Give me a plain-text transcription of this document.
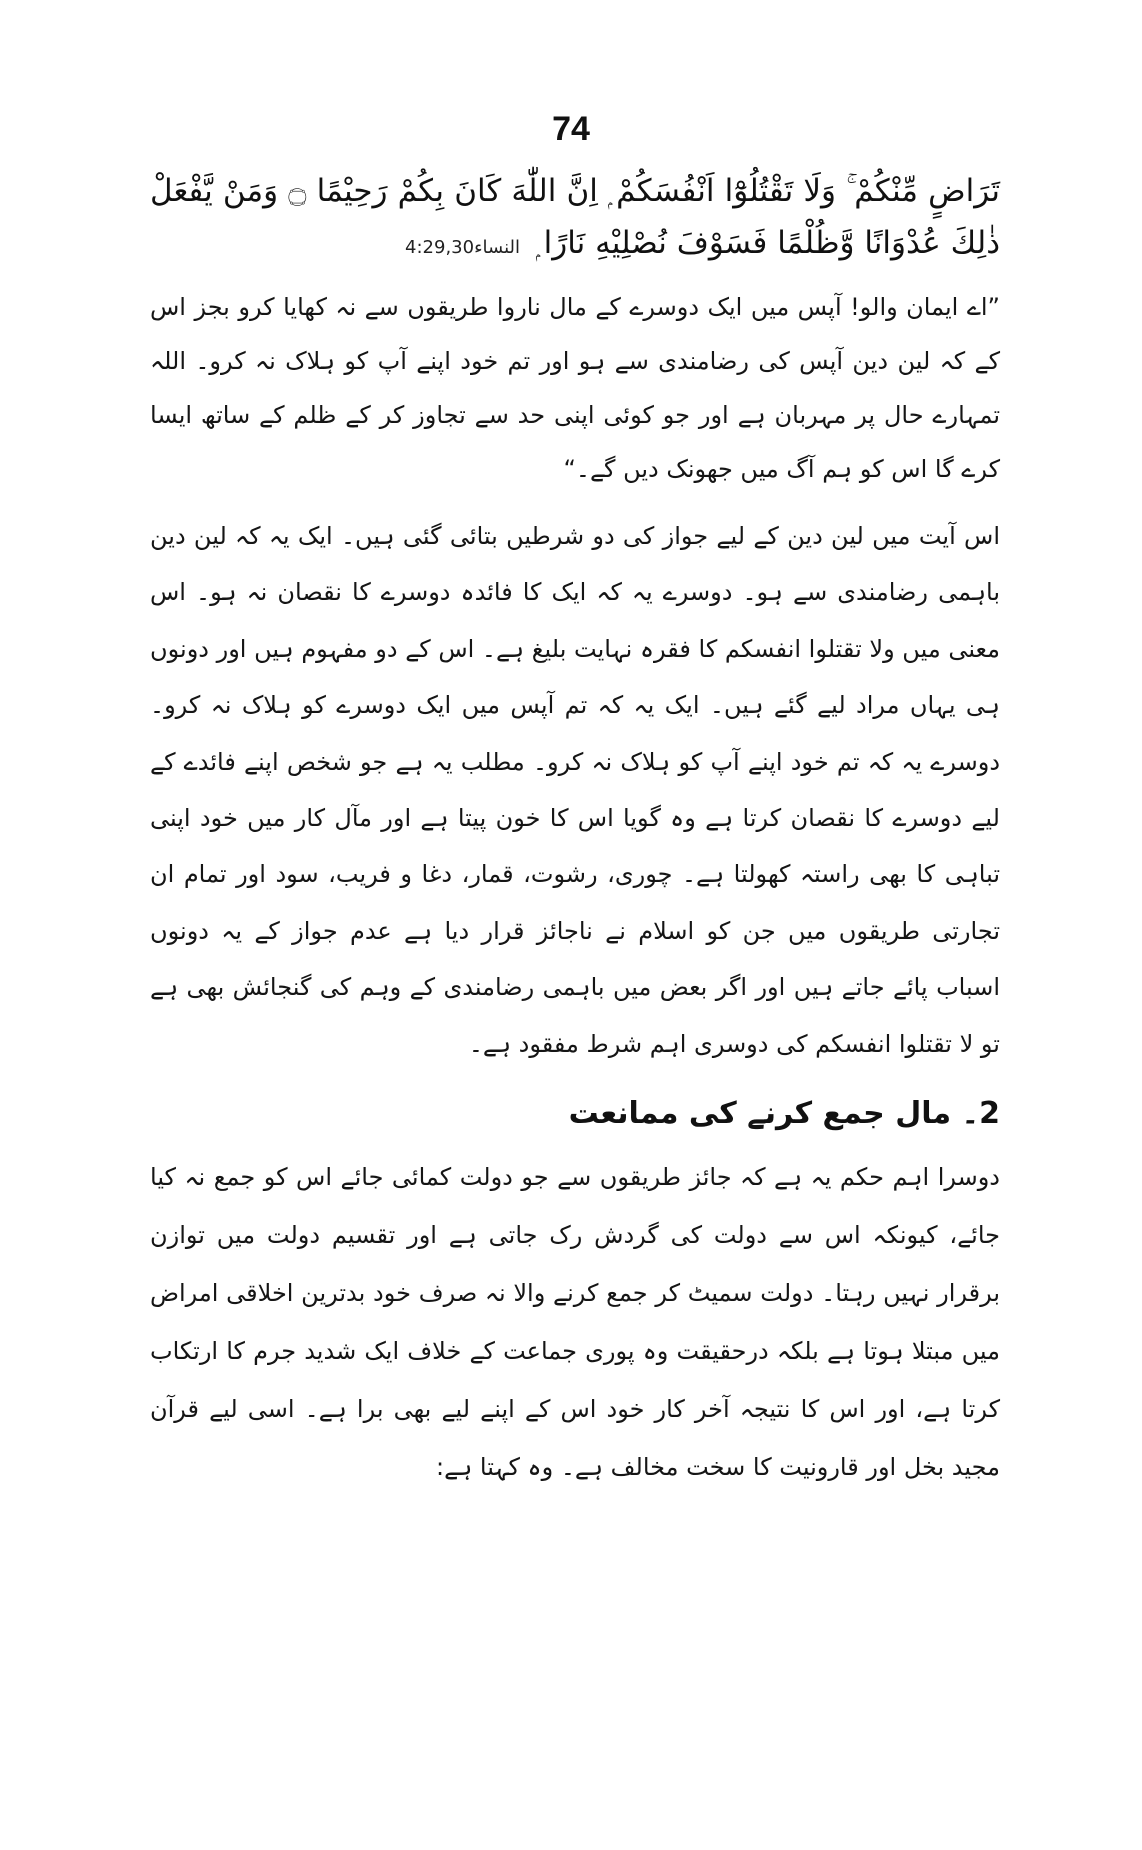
74

تَرَاضٍ مِّنْكُمْ ۚ وَلَا تَقْتُلُوْٓا اَنْفُسَكُمْ ۭ اِنَّ اللّٰهَ كَانَ بِكُمْ رَحِيْمًا ۝ وَمَنْ يَّفْعَلْ ذٰلِكَ عُدْوَانًا وَّظُلْمًا فَسَوْفَ نُصْلِيْهِ نَارًا ۭ النساء4:29,30

”اے ایمان والو! آپس میں ایک دوسرے کے مال ناروا طریقوں سے نہ کھایا کرو بجز اس کے کہ لین دین آپس کی رضامندی سے ہو اور تم خود اپنے آپ کو ہلاک نہ کرو۔ اللہ تمہارے حال پر مہربان ہے اور جو کوئی اپنی حد سے تجاوز کر کے ظلم کے ساتھ ایسا کرے گا اس کو ہم آگ میں جھونک دیں گے۔“

اس آیت میں لین دین کے لیے جواز کی دو شرطیں بتائی گئی ہیں۔ ایک یہ کہ لین دین باہمی رضامندی سے ہو۔ دوسرے یہ کہ ایک کا فائدہ دوسرے کا نقصان نہ ہو۔ اس معنی میں ولا تقتلوا انفسکم کا فقرہ نہایت بلیغ ہے۔ اس کے دو مفہوم ہیں اور دونوں ہی یہاں مراد لیے گئے ہیں۔ ایک یہ کہ تم آپس میں ایک دوسرے کو ہلاک نہ کرو۔ دوسرے یہ کہ تم خود اپنے آپ کو ہلاک نہ کرو۔ مطلب یہ ہے جو شخص اپنے فائدے کے لیے دوسرے کا نقصان کرتا ہے وہ گویا اس کا خون پیتا ہے اور مآل کار میں خود اپنی تباہی کا بھی راستہ کھولتا ہے۔ چوری، رشوت، قمار، دغا و فریب، سود اور تمام ان تجارتی طریقوں میں جن کو اسلام نے ناجائز قرار دیا ہے عدم جواز کے یہ دونوں اسباب پائے جاتے ہیں اور اگر بعض میں باہمی رضامندی کے وہم کی گنجائش بھی ہے تو لا تقتلوا انفسکم کی دوسری اہم شرط مفقود ہے۔

2۔ مال جمع کرنے کی ممانعت

دوسرا اہم حکم یہ ہے کہ جائز طریقوں سے جو دولت کمائی جائے اس کو جمع نہ کیا جائے، کیونکہ اس سے دولت کی گردش رک جاتی ہے اور تقسیم دولت میں توازن برقرار نہیں رہتا۔ دولت سمیٹ کر جمع کرنے والا نہ صرف خود بدترین اخلاقی امراض میں مبتلا ہوتا ہے بلکہ درحقیقت وہ پوری جماعت کے خلاف ایک شدید جرم کا ارتکاب کرتا ہے، اور اس کا نتیجہ آخر کار خود اس کے اپنے لیے بھی برا ہے۔ اسی لیے قرآن مجید بخل اور قارونیت کا سخت مخالف ہے۔ وہ کہتا ہے:
